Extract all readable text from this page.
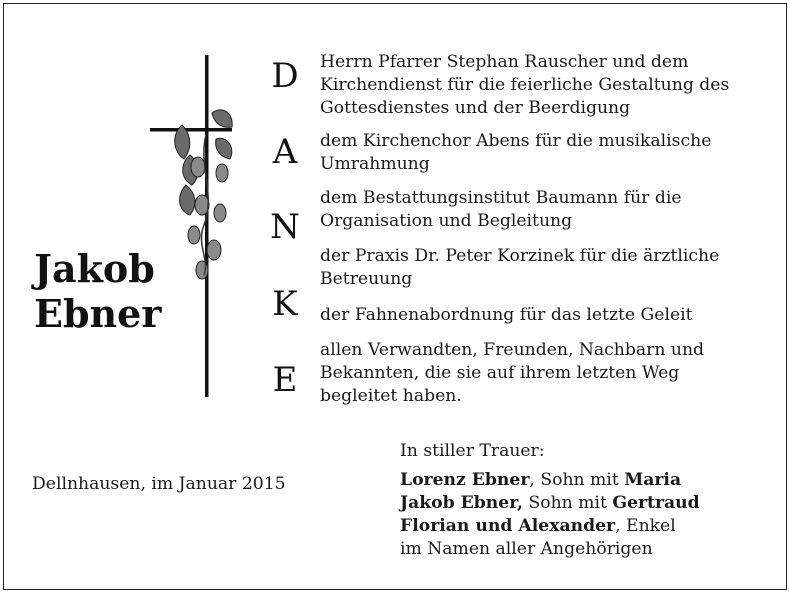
Jakob
Ebner
D
A
N
K
E
Herrn Pfarrer Stephan Rauscher und dem
Kirchendienst für die feierliche Gestaltung des
Gottesdienstes und der Beerdigung
dem Kirchenchor Abens für die musikalische
Umrahmung
dem Bestattungsinstitut Baumann für die
Organisation und Begleitung
der Praxis Dr. Peter Korzinek für die ärztliche
Betreuung
der Fahnenabordnung für das letzte Geleit
allen Verwandten, Freunden, Nachbarn und
Bekannten, die sie auf ihrem letzten Weg
begleitet haben.
Dellnhausen, im Januar 2015
In stiller Trauer:
Lorenz Ebner, Sohn mit Maria
Jakob Ebner, Sohn mit Gertraud
Florian und Alexander, Enkel
im Namen aller Angehörigen
